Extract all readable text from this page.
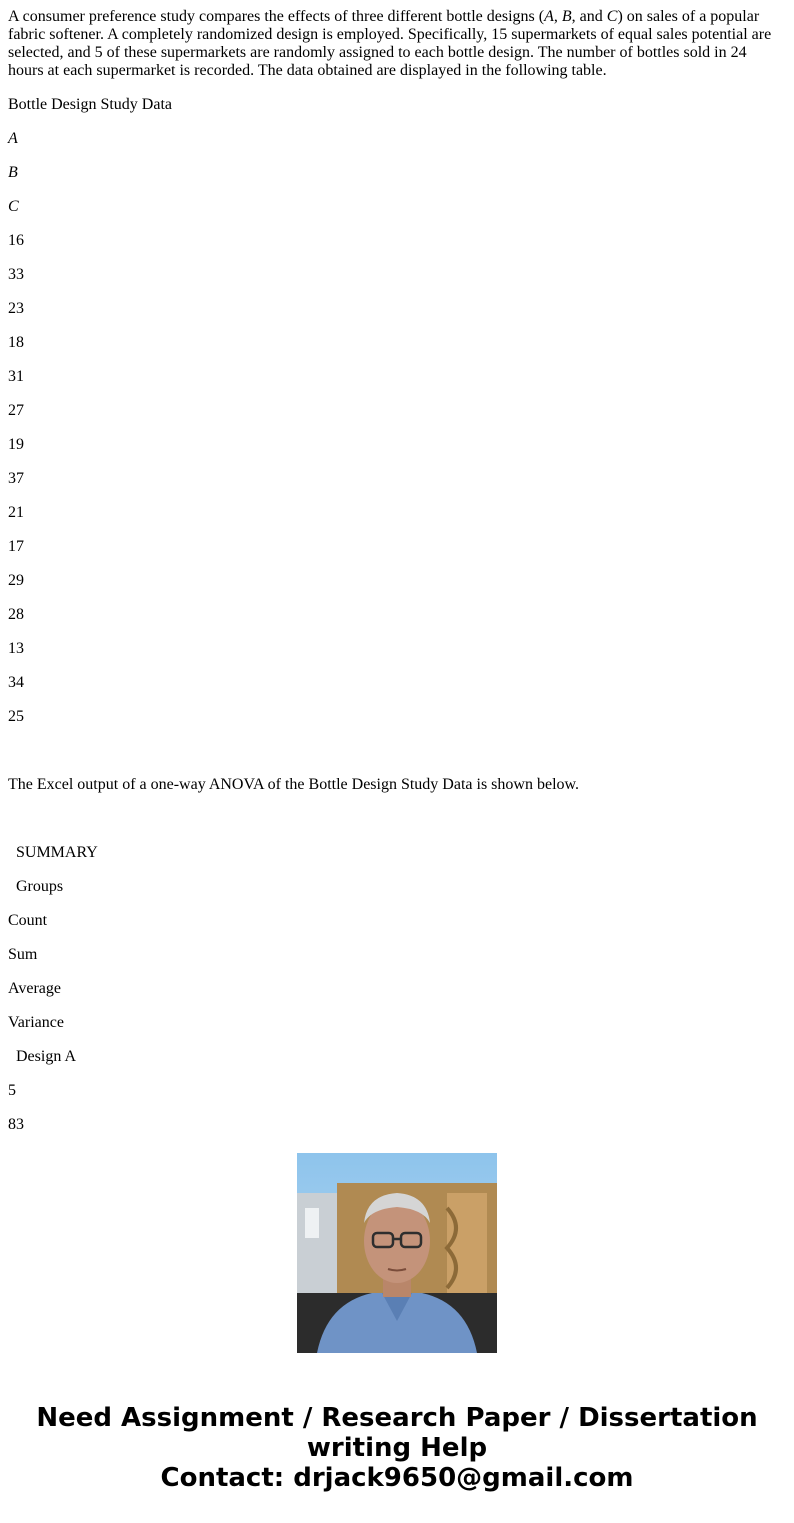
A consumer preference study compares the effects of three different bottle designs (A, B, and C) on sales of a popular fabric softener. A completely randomized design is employed. Specifically, 15 supermarkets of equal sales potential are selected, and 5 of these supermarkets are randomly assigned to each bottle design. The number of bottles sold in 24 hours at each supermarket is recorded. The data obtained are displayed in the following table.

Bottle Design Study Data

A

B

C

16

33

23

18

31

27

19

37

21

17

29

28

13

34

25

The Excel output of a one-way ANOVA of the Bottle Design Study Data is shown below.

SUMMARY

Groups

Count

Sum

Average

Variance

Design A

5

83

Need Assignment / Research Paper / Dissertation
writing Help
Contact: drjack9650@gmail.com
